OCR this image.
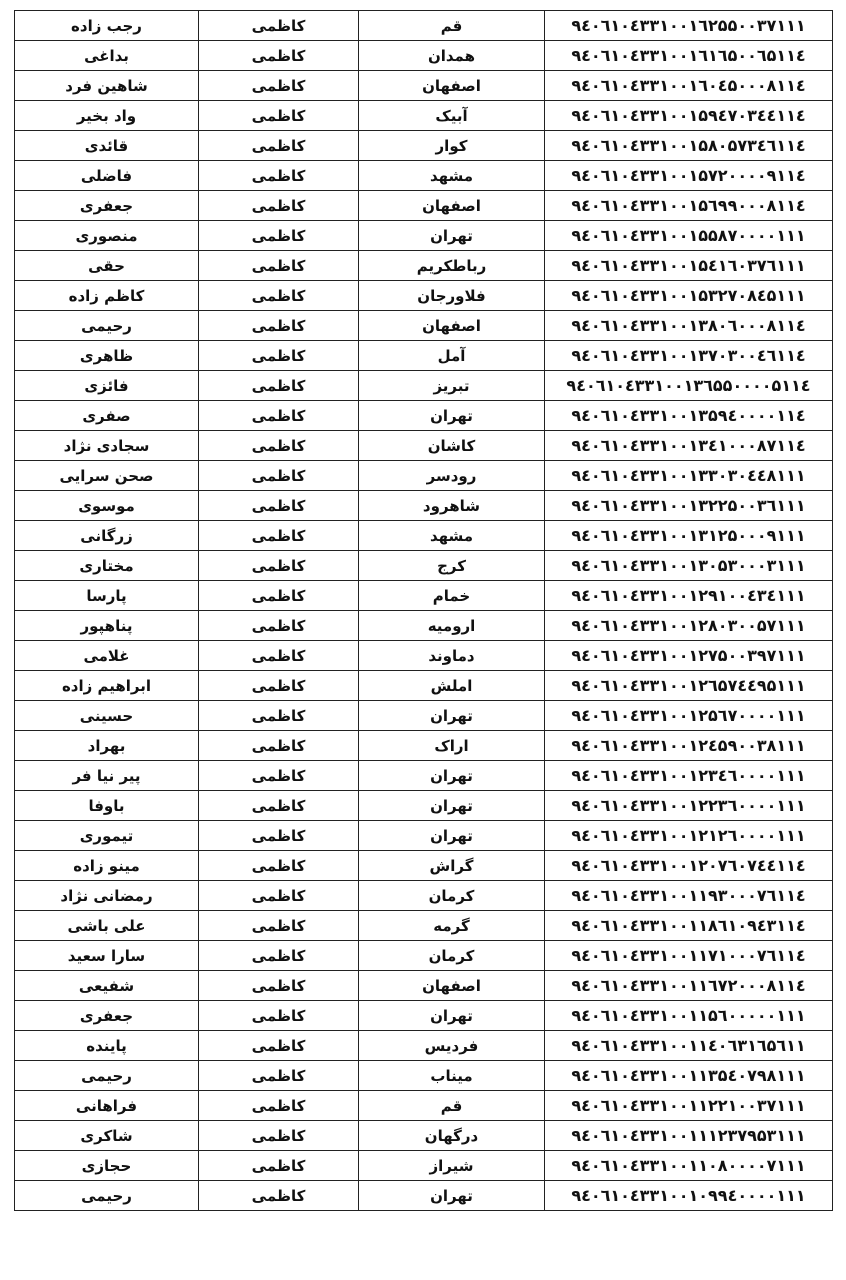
۹٤۰٦۱۰٤۳۳۱۰۰۱٦۲۵۵۰۰۳۷۱۱۱	قم	کاظمی	رجب زاده
۹٤۰٦۱۰٤۳۳۱۰۰۱٦۱٦۵۰۰٦۵۱۱٤	همدان	کاظمی	بداغی
۹٤۰٦۱۰٤۳۳۱۰۰۱٦۰٤۵۰۰۰۸۱۱٤	اصفهان	کاظمی	شاهین فرد
۹٤۰٦۱۰٤۳۳۱۰۰۱۵۹٤۷۰۳٤٤۱۱٤	آبیک	کاظمی	واد بخیر
۹٤۰٦۱۰٤۳۳۱۰۰۱۵۸۰۵۷۳٤٦۱۱٤	کوار	کاظمی	قائدی
۹٤۰٦۱۰٤۳۳۱۰۰۱۵۷۲۰۰۰۰۹۱۱٤	مشهد	کاظمی	فاضلی
۹٤۰٦۱۰٤۳۳۱۰۰۱۵٦۹۹۰۰۰۸۱۱٤	اصفهان	کاظمی	جعفری
۹٤۰٦۱۰٤۳۳۱۰۰۱۵۵۸۷۰۰۰۰۱۱۱	تهران	کاظمی	منصوری
۹٤۰٦۱۰٤۳۳۱۰۰۱۵٤۱٦۰۳۷٦۱۱۱	رباطکریم	کاظمی	حقی
۹٤۰٦۱۰٤۳۳۱۰۰۱۵۳۲۷۰۸٤۵۱۱۱	فلاورجان	کاظمی	کاظم زاده
۹٤۰٦۱۰٤۳۳۱۰۰۱۳۸۰٦۰۰۰۸۱۱٤	اصفهان	کاظمی	رحیمی
۹٤۰٦۱۰٤۳۳۱۰۰۱۳۷۰۳۰۰٤٦۱۱٤	آمل	کاظمی	ظاهری
۹٤۰٦۱۰٤۳۳۱۰۰۱۳٦۵۵۰۰۰۰۵۱۱٤	تبریز	کاظمی	فائزی
۹٤۰٦۱۰٤۳۳۱۰۰۱۳۵۹٤۰۰۰۰۱۱٤	تهران	کاظمی	صفری
۹٤۰٦۱۰٤۳۳۱۰۰۱۳٤۱۰۰۰۸۷۱۱٤	کاشان	کاظمی	سجادی نژاد
۹٤۰٦۱۰٤۳۳۱۰۰۱۳۳۰۳۰٤٤۸۱۱۱	رودسر	کاظمی	صحن سرایی
۹٤۰٦۱۰٤۳۳۱۰۰۱۳۲۲۵۰۰۳٦۱۱۱	شاهرود	کاظمی	موسوی
۹٤۰٦۱۰٤۳۳۱۰۰۱۳۱۲۵۰۰۰۹۱۱۱	مشهد	کاظمی	زرگانی
۹٤۰٦۱۰٤۳۳۱۰۰۱۳۰۵۳۰۰۰۳۱۱۱	کرج	کاظمی	مختاری
۹٤۰٦۱۰٤۳۳۱۰۰۱۲۹۱۰۰٤۳٤۱۱۱	خمام	کاظمی	پارسا
۹٤۰٦۱۰٤۳۳۱۰۰۱۲۸۰۳۰۰۵۷۱۱۱	ارومیه	کاظمی	پناهپور
۹٤۰٦۱۰٤۳۳۱۰۰۱۲۷۵۰۰۳۹۷۱۱۱	دماوند	کاظمی	غلامی
۹٤۰٦۱۰٤۳۳۱۰۰۱۲٦۵۷٤٤۹۵۱۱۱	املش	کاظمی	ابراهیم زاده
۹٤۰٦۱۰٤۳۳۱۰۰۱۲۵٦۷۰۰۰۰۱۱۱	تهران	کاظمی	حسینی
۹٤۰٦۱۰٤۳۳۱۰۰۱۲٤۵۹۰۰۳۸۱۱۱	اراک	کاظمی	بهراد
۹٤۰٦۱۰٤۳۳۱۰۰۱۲۳٤٦۰۰۰۰۱۱۱	تهران	کاظمی	پیر نیا فر
۹٤۰٦۱۰٤۳۳۱۰۰۱۲۲۳٦۰۰۰۰۱۱۱	تهران	کاظمی	باوفا
۹٤۰٦۱۰٤۳۳۱۰۰۱۲۱۲٦۰۰۰۰۱۱۱	تهران	کاظمی	تیموری
۹٤۰٦۱۰٤۳۳۱۰۰۱۲۰۷٦۰۷٤٤۱۱٤	گراش	کاظمی	مینو زاده
۹٤۰٦۱۰٤۳۳۱۰۰۱۱۹۳۰۰۰۷٦۱۱٤	کرمان	کاظمی	رمضانی نژاد
۹٤۰٦۱۰٤۳۳۱۰۰۱۱۸٦۱۰۹٤۳۱۱٤	گرمه	کاظمی	علی باشی
۹٤۰٦۱۰٤۳۳۱۰۰۱۱۷۱۰۰۰۷٦۱۱٤	کرمان	کاظمی	سارا سعید
۹٤۰٦۱۰٤۳۳۱۰۰۱۱٦۷۲۰۰۰۸۱۱٤	اصفهان	کاظمی	شفیعی
۹٤۰٦۱۰٤۳۳۱۰۰۱۱۵٦۰۰۰۰۰۱۱۱	تهران	کاظمی	جعفری
۹٤۰٦۱۰٤۳۳۱۰۰۱۱٤۰٦۳۱٦۵٦۱۱	فردیس	کاظمی	پاینده
۹٤۰٦۱۰٤۳۳۱۰۰۱۱۳۵٤۰۷۹۸۱۱۱	میناب	کاظمی	رحیمی
۹٤۰٦۱۰٤۳۳۱۰۰۱۱۲۲۱۰۰۳۷۱۱۱	قم	کاظمی	فراهانی
۹٤۰٦۱۰٤۳۳۱۰۰۱۱۱۲۳۷۹۵۳۱۱۱	درگهان	کاظمی	شاکری
۹٤۰٦۱۰٤۳۳۱۰۰۱۱۰۸۰۰۰۰۷۱۱۱	شیراز	کاظمی	حجازی
۹٤۰٦۱۰٤۳۳۱۰۰۱۰۹۹٤۰۰۰۰۱۱۱	تهران	کاظمی	رحیمی
